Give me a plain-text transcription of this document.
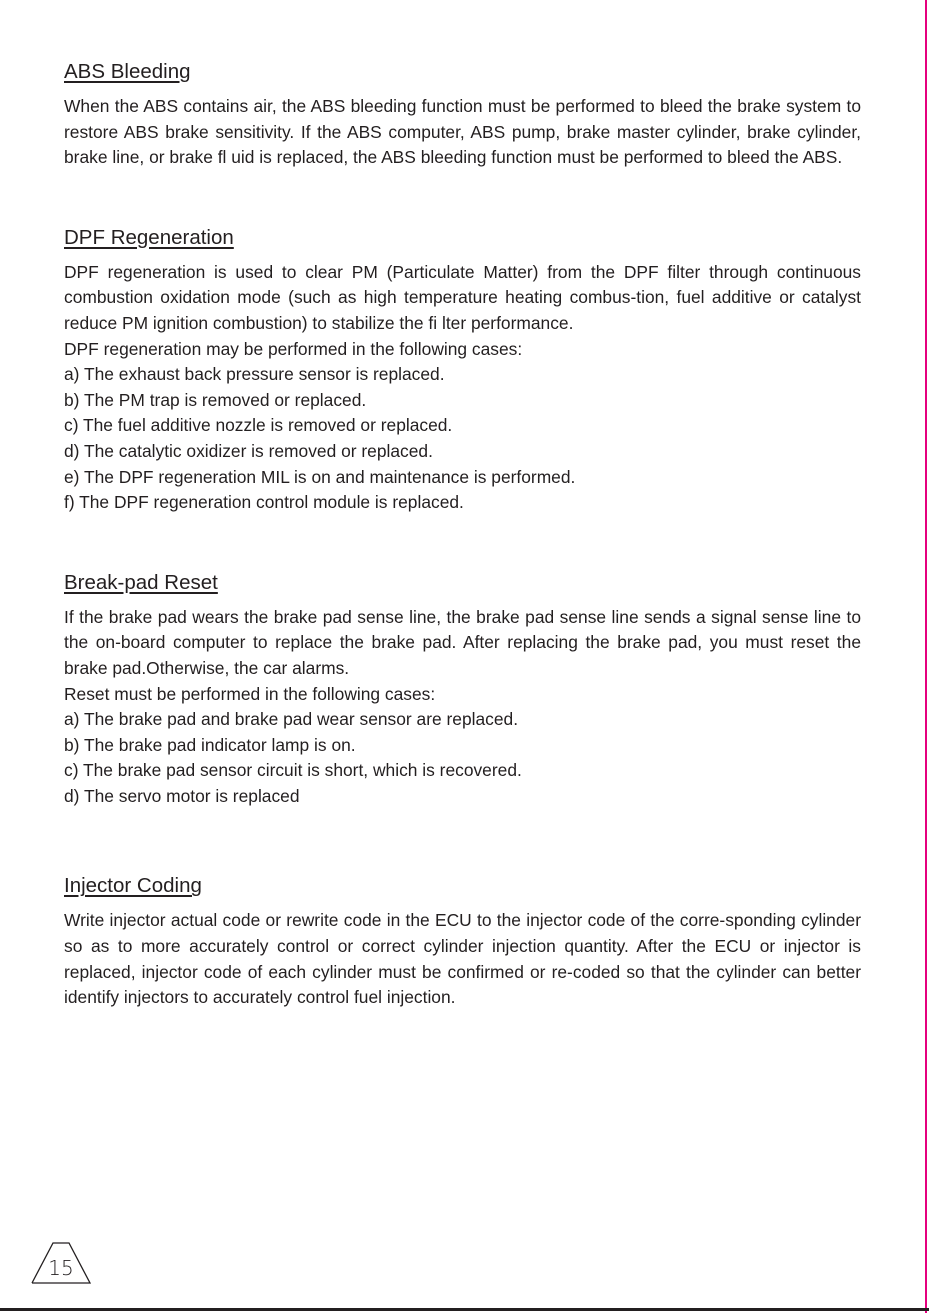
ABS Bleeding

When the ABS contains air, the ABS bleeding function must be performed to bleed the brake system to restore ABS brake sensitivity. If the ABS computer, ABS pump, brake master cylinder, brake cylinder, brake line, or brake fl uid is replaced, the ABS bleeding function must be performed to bleed the ABS.

DPF Regeneration

DPF regeneration is used to clear PM (Particulate Matter) from the DPF filter through continuous combustion oxidation mode (such as high temperature heating combus-tion, fuel additive or catalyst reduce PM ignition combustion) to stabilize the fi lter performance.

DPF regeneration may be performed in the following cases:

a) The exhaust back pressure sensor is replaced.

b) The PM trap is removed or replaced.

c) The fuel additive nozzle is removed or replaced.

d) The catalytic oxidizer is removed or replaced.

e) The DPF regeneration MIL is on and maintenance is performed.

f) The DPF regeneration control module is replaced.

Break-pad Reset

If the brake pad wears the brake pad sense line, the brake pad sense line sends a signal sense line to the on-board computer to replace the brake pad. After replacing the brake pad, you must reset the brake pad.Otherwise, the car alarms.

Reset must be performed in the following cases:

a) The brake pad and brake pad wear sensor are replaced.

b) The brake pad indicator lamp is on.

c) The brake pad sensor circuit is short, which is recovered.

d) The servo motor is replaced

Injector Coding

Write injector actual code or rewrite code in the ECU to the injector code of the corre-sponding cylinder so as to more accurately control or correct cylinder injection quantity. After the ECU or injector is replaced, injector code of each cylinder must be confirmed or re-coded so that the cylinder can better identify injectors to accurately control fuel injection.

15
